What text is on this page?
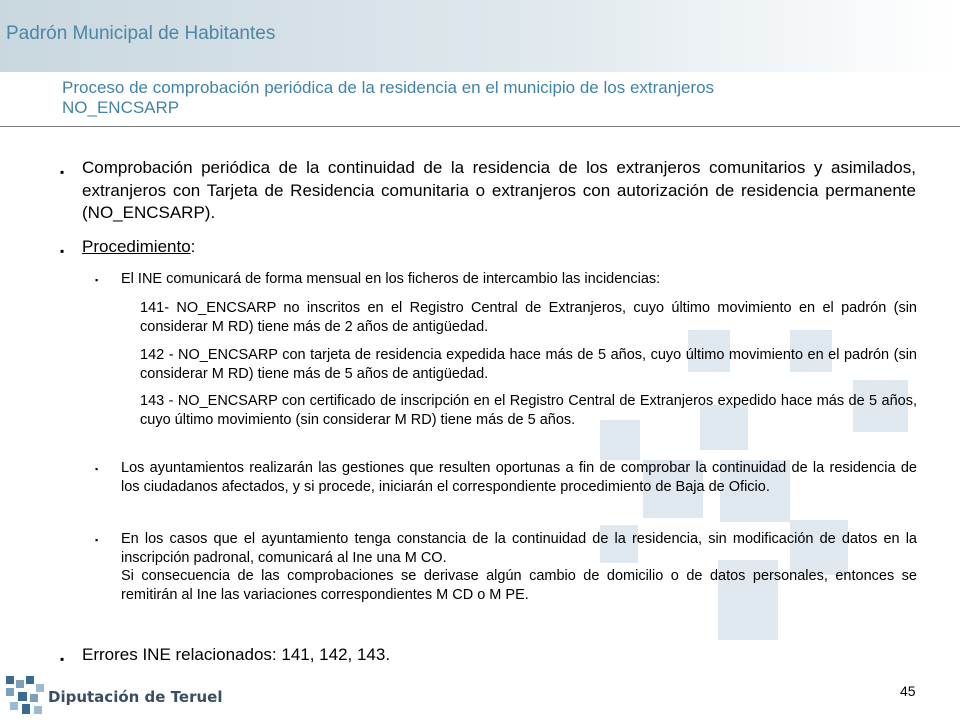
Padrón Municipal de Habitantes
Proceso de comprobación periódica de la residencia en el municipio de los extranjeros
NO_ENCSARP
▪ Comprobación periódica de la continuidad de la residencia de los extranjeros comunitarios y asimilados, extranjeros con Tarjeta de Residencia comunitaria o extranjeros con autorización de residencia permanente (NO_ENCSARP).
▪ Procedimiento:
▪ El INE comunicará de forma mensual en los ficheros de intercambio las incidencias:
141- NO_ENCSARP no inscritos en el Registro Central de Extranjeros, cuyo último movimiento en el padrón (sin considerar M RD) tiene más de 2 años de antigüedad.
142 - NO_ENCSARP con tarjeta de residencia expedida hace más de 5 años, cuyo último movimiento en el padrón (sin considerar M RD) tiene más de 5 años de antigüedad.
143 - NO_ENCSARP con certificado de inscripción en el Registro Central de Extranjeros expedido hace más de 5 años, cuyo último movimiento (sin considerar M RD) tiene más de 5 años.
▪ Los ayuntamientos realizarán las gestiones que resulten oportunas a fin de comprobar la continuidad de la residencia de los ciudadanos afectados, y si procede, iniciarán el correspondiente procedimiento de Baja de Oficio.
▪ En los casos que el ayuntamiento tenga constancia de la continuidad de la residencia, sin modificación de datos en la inscripción padronal, comunicará al Ine una M CO.
Si consecuencia de las comprobaciones se derivase algún cambio de domicilio o de datos personales, entonces se remitirán al Ine las variaciones correspondientes M CD o M PE.
▪ Errores INE relacionados: 141, 142, 143.
Diputación de Teruel	45
